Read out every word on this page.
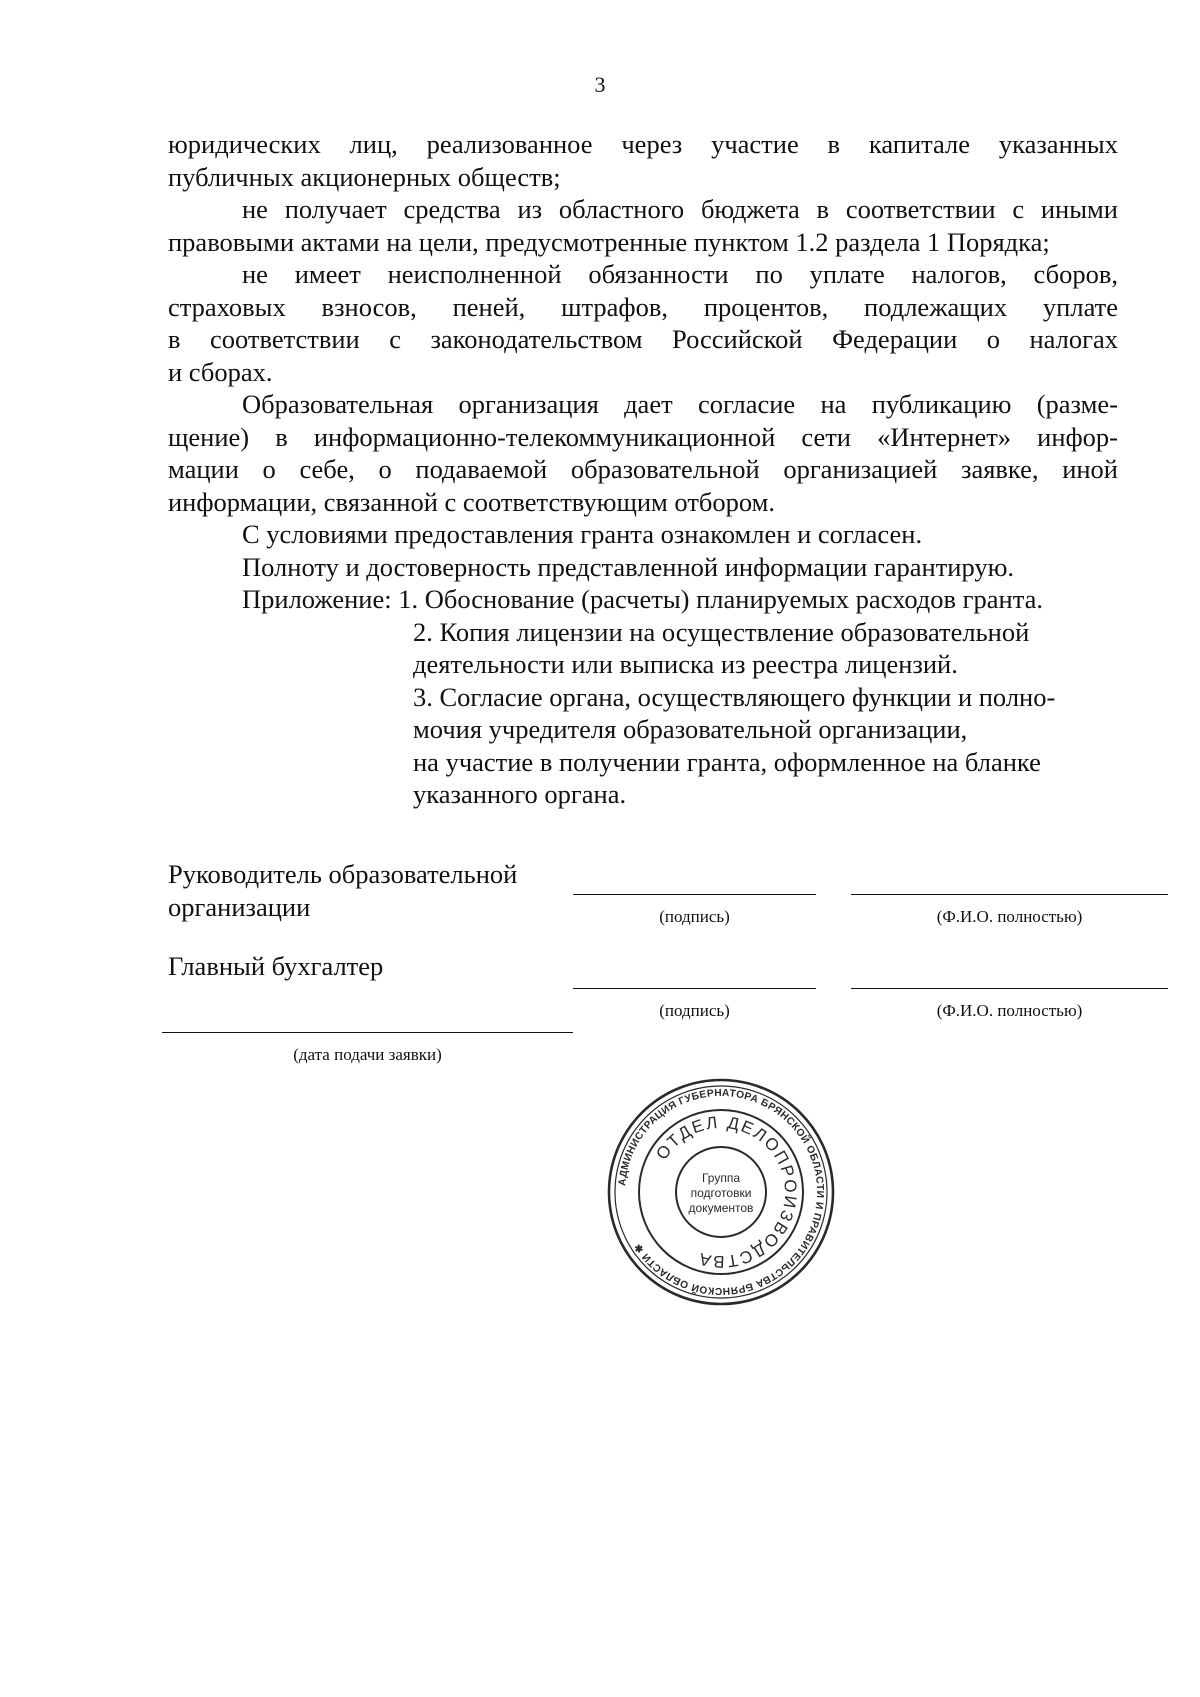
3

юридических лиц, реализованное через участие в капитале указанных
публичных акционерных обществ;

не получает средства из областного бюджета в соответствии с иными

правовыми актами на цели, предусмотренные пунктом 1.2 раздела 1 Порядка;

не имеет неисполненной обязанности по уплате налогов, сборов,

страховых взносов, пеней, штрафов, процентов, подлежащих уплате
в соответствии с законодательством Российской Федерации о налогах
и сборах.

Образовательная организация дает согласие на публикацию (разме-

щение) в информационно-телекоммуникационной сети «Интернет» инфор-
мации о себе, о подаваемой образовательной организацией заявке, иной
информации, связанной с соответствующим отбором.

С условиями предоставления гранта ознакомлен и согласен.

Полноту и достоверность представленной информации гарантирую.

Приложение: 1. Обоснование (расчеты) планируемых расходов гранта.
2. Копия лицензии на осуществление образовательной
деятельности или выписка из реестра лицензий.
3. Согласие органа, осуществляющего функции и полно-
мочия учредителя образовательной организации,
на участие в получении гранта, оформленное на бланке
указанного органа.
Руководитель образовательной
организации	(подпись)	(Ф.И.О. полностью)
Главный бухгалтер
(подпись)	(Ф.И.О. полностью)
(дата подачи заявки)
АДМИНИСТРАЦИЯ ГУБЕРНАТОРА БРЯНСКОЙ ОБЛАСТИ И ПРАВИТЕЛЬСТВА БРЯНСКОЙ ОБЛАСТИ ✱
ОТДЕЛ ДЕЛОПРОИЗВОДСТВА
Группа
подготовки
документов
